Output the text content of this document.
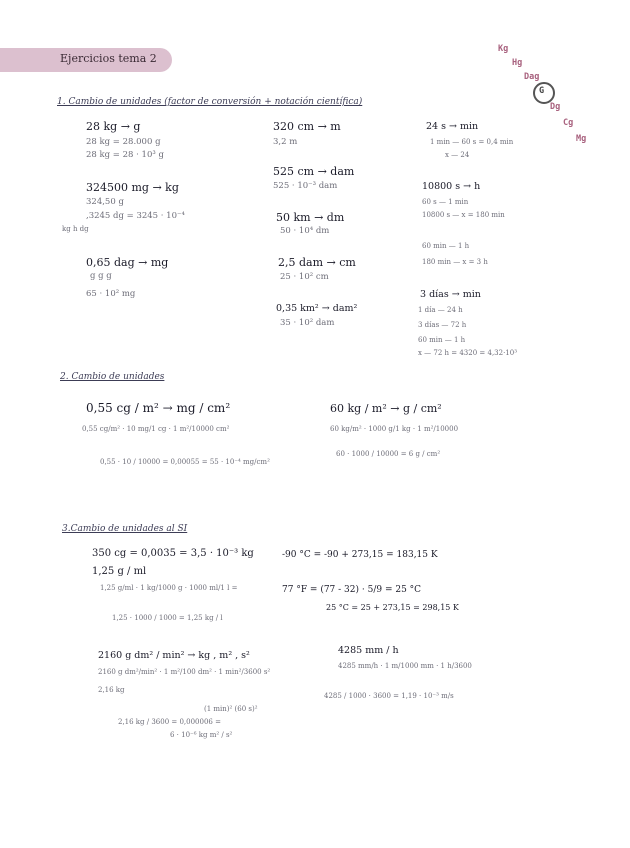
Ejercicios tema 2
Kg
Hg
Dag
G
Dg
Cg
Mg
1. Cambio de unidades (factor de conversión + notación científica)
28 kg → g
28 kg = 28.000 g
28 kg = 28 · 10³ g
324500 mg → kg
324,50 g
,3245 dg = 3245 · 10⁻⁴
kg h dg
0,65 dag → mg
g g g
65 · 10² mg
320 cm → m
3,2 m
525 cm → dam
525 · 10⁻³ dam
50 km → dm
50 · 10⁴ dm
2,5 dam → cm
25 · 10² cm
0,35 km² → dam²
35 · 10² dam
24 s → min
1 min — 60 s = 0,4 min
x — 24
10800 s → h
60 s — 1 min
10800 s — x = 180 min
60 min — 1 h
180 min — x = 3 h
3 días → min
1 día — 24 h
3 días — 72 h
60 min — 1 h
x — 72 h = 4320 = 4,32·10³
2. Cambio de unidades
0,55 cg / m² → mg / cm²
0,55 cg/m² · 10 mg/1 cg · 1 m²/10000 cm²
0,55 · 10 / 10000 = 0,00055 = 55 · 10⁻⁴ mg/cm²
60 kg / m² → g / cm²
60 kg/m² · 1000 g/1 kg · 1 m²/10000
60 · 1000 / 10000 = 6 g / cm²
3.Cambio de unidades al SI
350 cg = 0,0035 = 3,5 · 10⁻³ kg
1,25 g / ml
1,25 g/ml · 1 kg/1000 g · 1000 ml/1 l =
1,25 · 1000 / 1000 = 1,25 kg / l
-90 °C = -90 + 273,15 = 183,15 K
77 °F = (77 - 32) · 5/9 = 25 °C
25 °C = 25 + 273,15 = 298,15 K
2160 g dm² / min² → kg , m² , s²
2160 g dm²/min² · 1 m²/100 dm² · 1 min²/3600 s²
2,16 kg
(1 min)² (60 s)²
2,16 kg / 3600 = 0,000006 =
6 · 10⁻⁶ kg m² / s²
4285 mm / h
4285 mm/h · 1 m/1000 mm · 1 h/3600
4285 / 1000 · 3600 = 1,19 · 10⁻³ m/s
